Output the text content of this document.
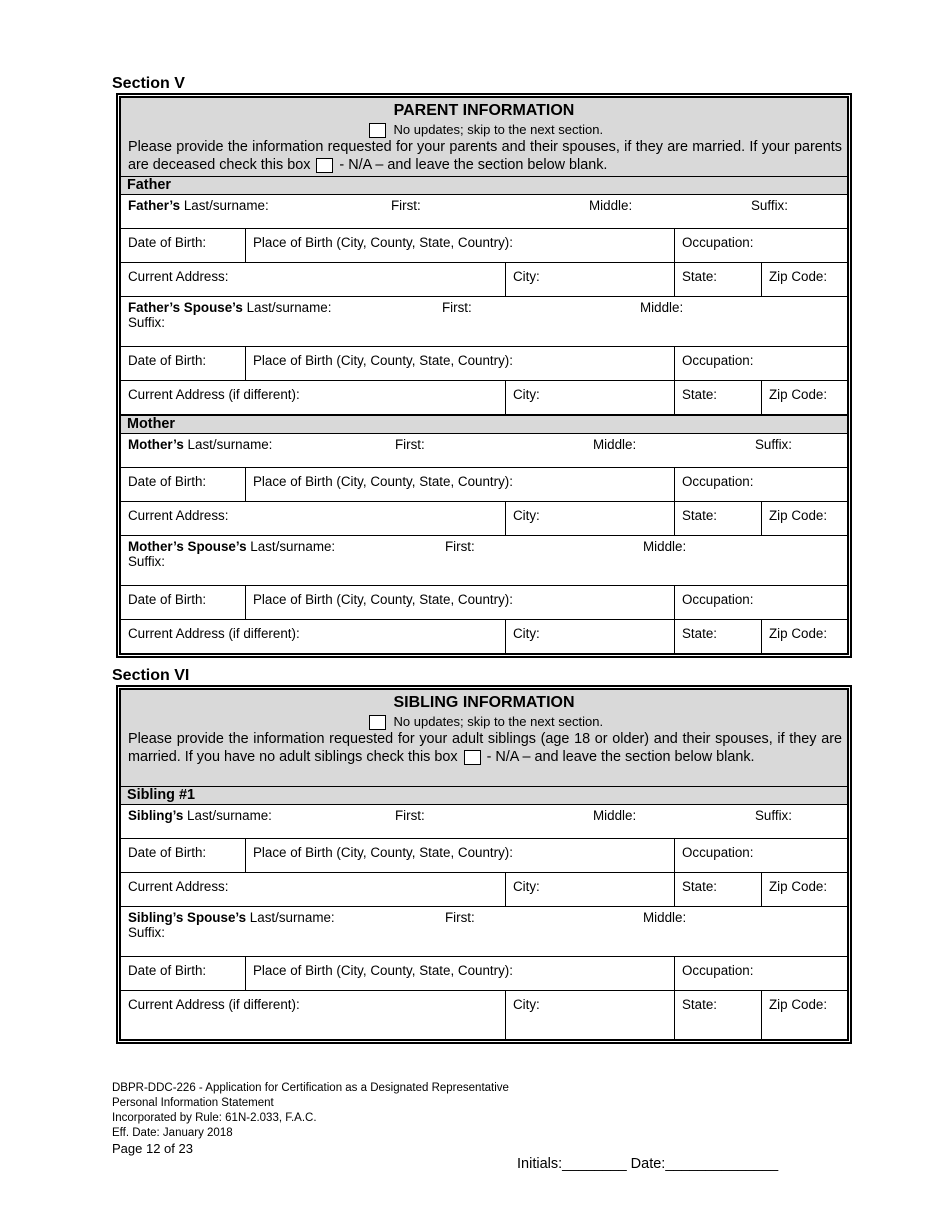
Section V
PARENT INFORMATION
No updates; skip to the next section.
Please provide the information requested for your parents and their spouses, if they are married. If your parents are deceased check this box - N/A – and leave the section below blank.
Father
Father’s Last/surname:	First:	Middle:	Suffix:
Date of Birth:	Place of Birth (City, County, State, Country):	Occupation:
Current Address:	City:	State:	Zip Code:
Father’s Spouse’s Last/surname:	First:	Middle:
Suffix:
Date of Birth:	Place of Birth (City, County, State, Country):	Occupation:
Current Address (if different):	City:	State:	Zip Code:
Mother
Mother’s Last/surname:	First:	Middle:	Suffix:
Date of Birth:	Place of Birth (City, County, State, Country):	Occupation:
Current Address:	City:	State:	Zip Code:
Mother’s Spouse’s Last/surname:	First:	Middle:
Suffix:
Date of Birth:	Place of Birth (City, County, State, Country):	Occupation:
Current Address (if different):	City:	State:	Zip Code:
Section VI
SIBLING INFORMATION
No updates; skip to the next section.
Please provide the information requested for your adult siblings (age 18 or older) and their spouses, if they are married. If you have no adult siblings check this box - N/A – and leave the section below blank.
Sibling #1
Sibling’s Last/surname:	First:	Middle:	Suffix:
Date of Birth:	Place of Birth (City, County, State, Country):	Occupation:
Current Address:	City:	State:	Zip Code:
Sibling’s Spouse’s Last/surname:	First:	Middle:
Suffix:
Date of Birth:	Place of Birth (City, County, State, Country):	Occupation:
Current Address (if different):	City:	State:	Zip Code:
DBPR-DDC-226 - Application for Certification as a Designated Representative
Personal Information Statement
Incorporated by Rule: 61N-2.033, F.A.C.
Eff. Date: January 2018
Page 12 of 23
Initials:________ Date:______________
